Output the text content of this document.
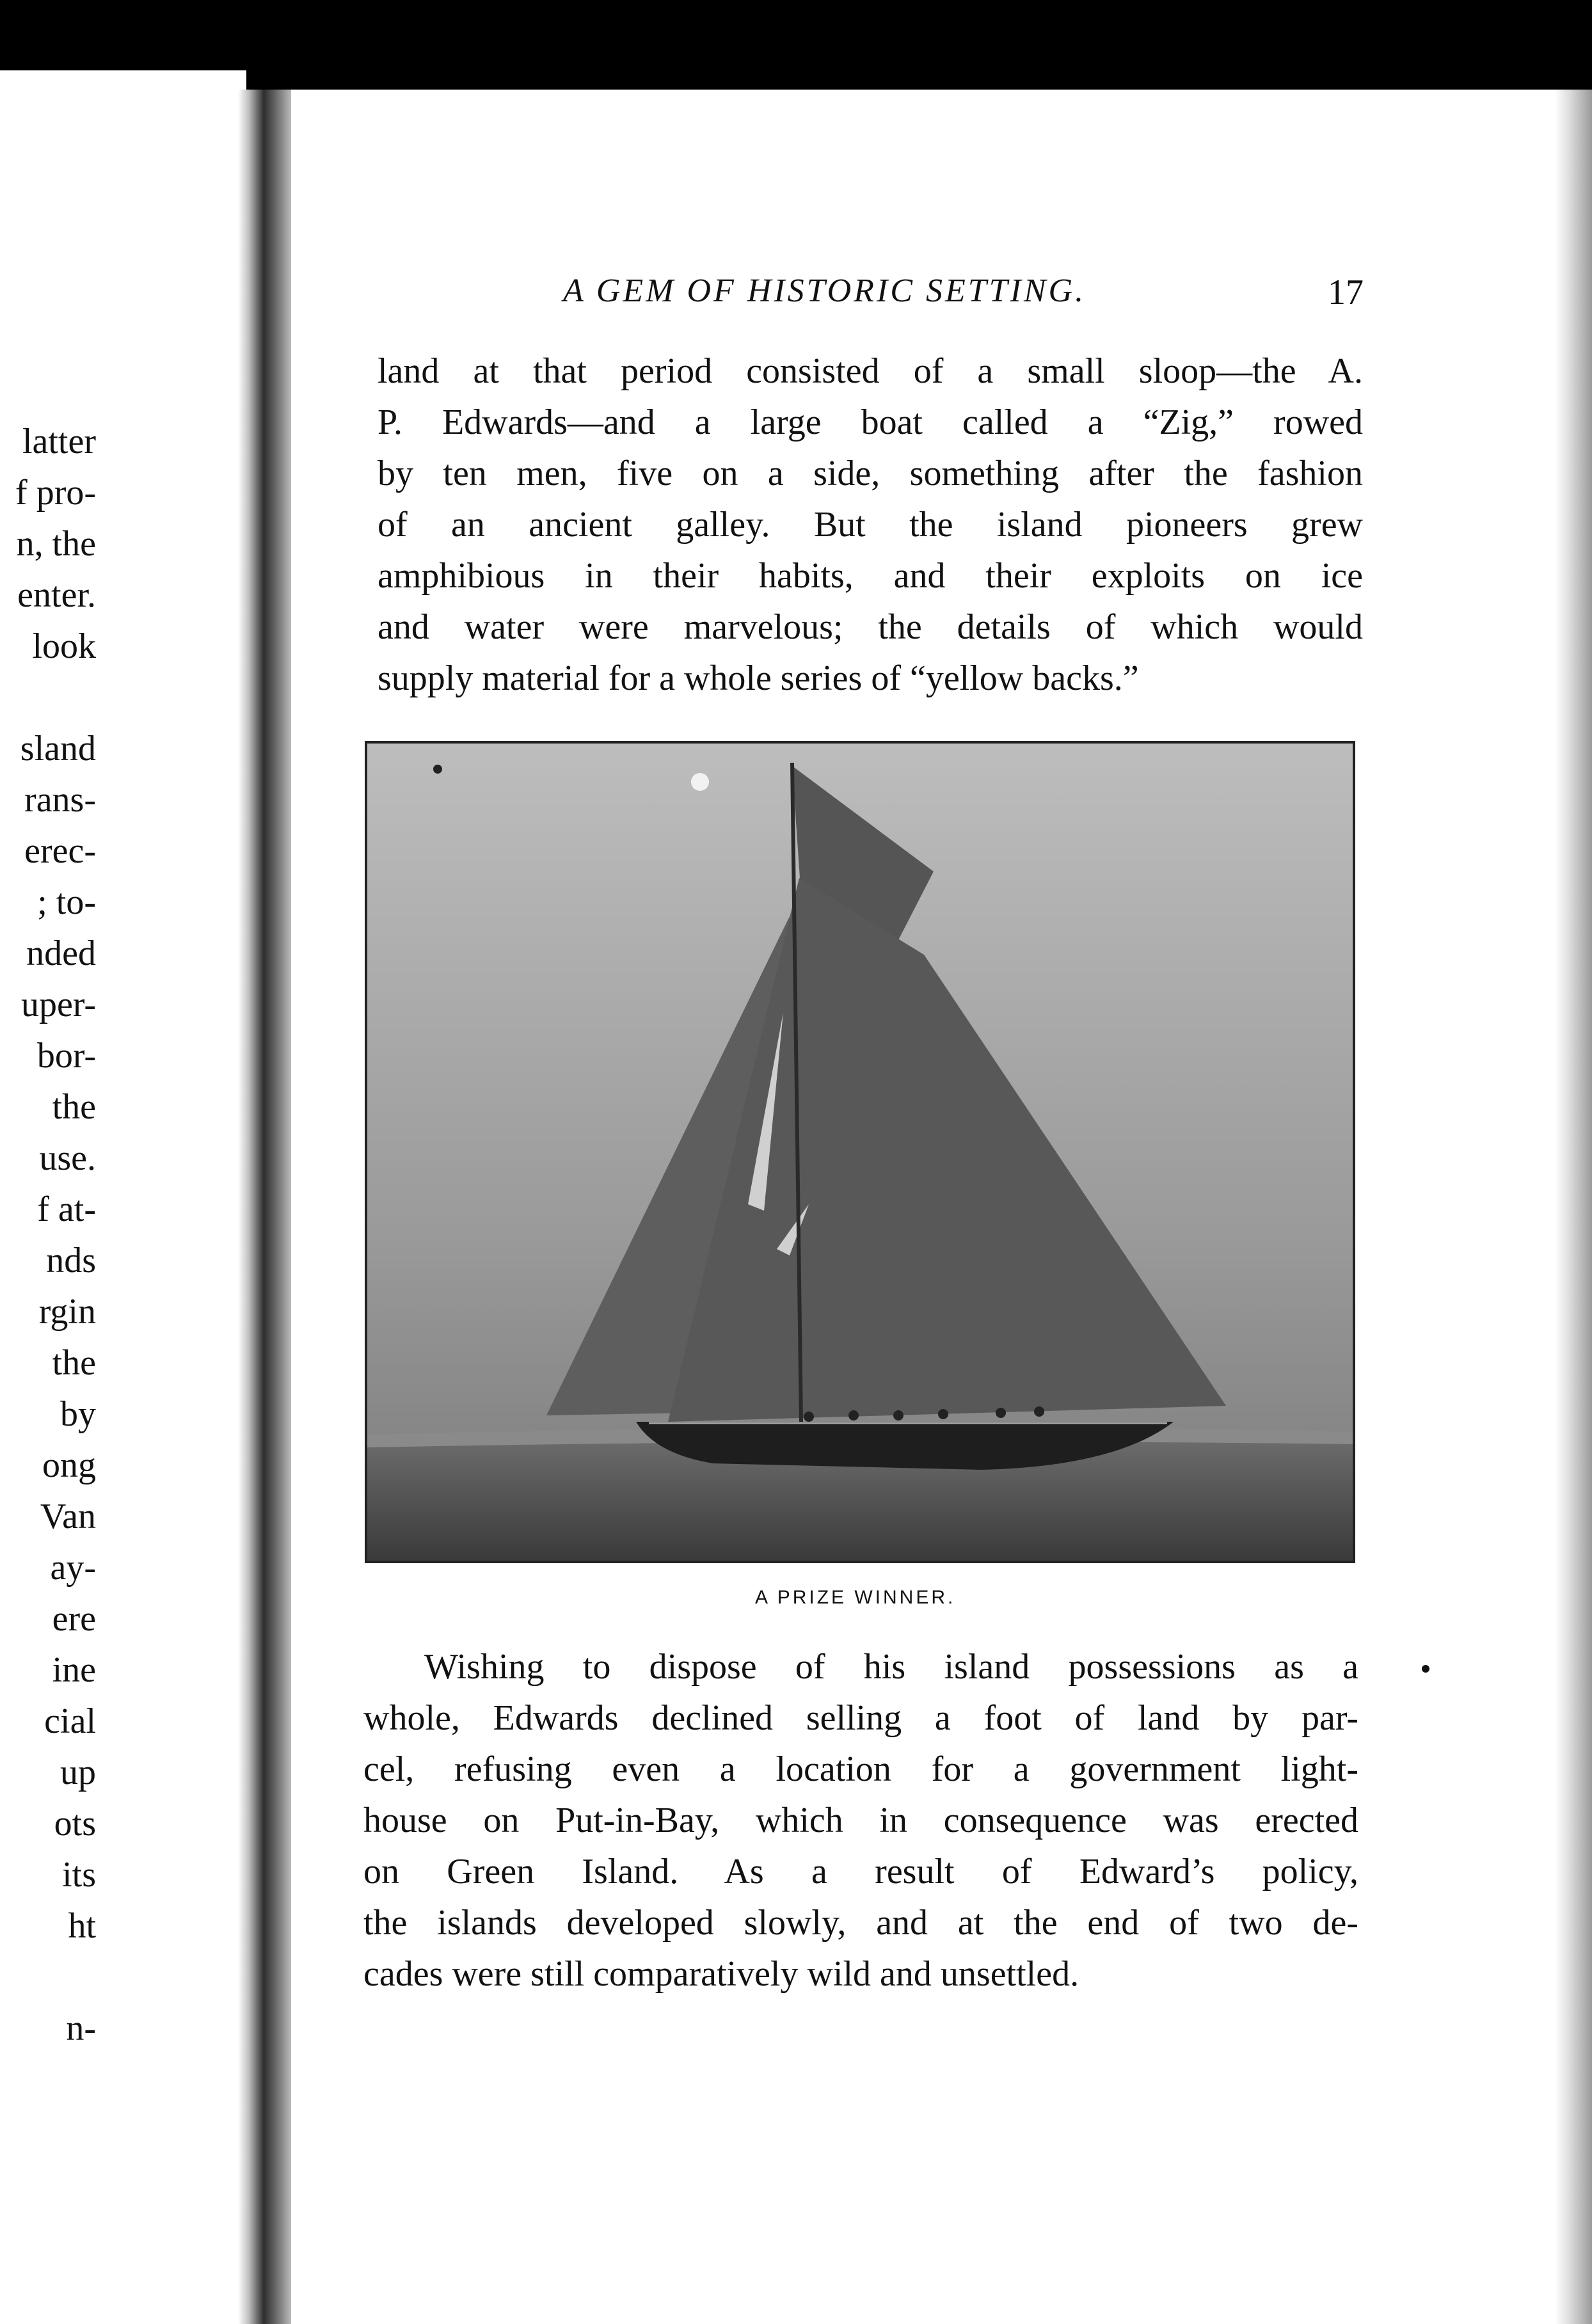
latter
f pro-
n, the
enter.
look
sland
rans-
erec-
; to-
nded
uper-
bor-
the
use.
f at-
nds
rgin
the
by
ong
Van
ay-
ere
ine
cial
up
ots
its
ht
n-
A GEM OF HISTORIC SETTING.	17
land at that period consisted of a small sloop—the A.
P. Edwards—and a large boat called a “Zig,” rowed
by ten men, five on a side, something after the fashion
of an ancient galley. But the island pioneers grew
amphibious in their habits, and their exploits on ice
and water were marvelous; the details of which would
supply material for a whole series of “yellow backs.”
A PRIZE WINNER.
Wishing to dispose of his island possessions as a
whole, Edwards declined selling a foot of land by par-
cel, refusing even a location for a government light-
house on Put-in-Bay, which in consequence was erected
on Green Island. As a result of Edward’s policy,
the islands developed slowly, and at the end of two de-
cades were still comparatively wild and unsettled.
